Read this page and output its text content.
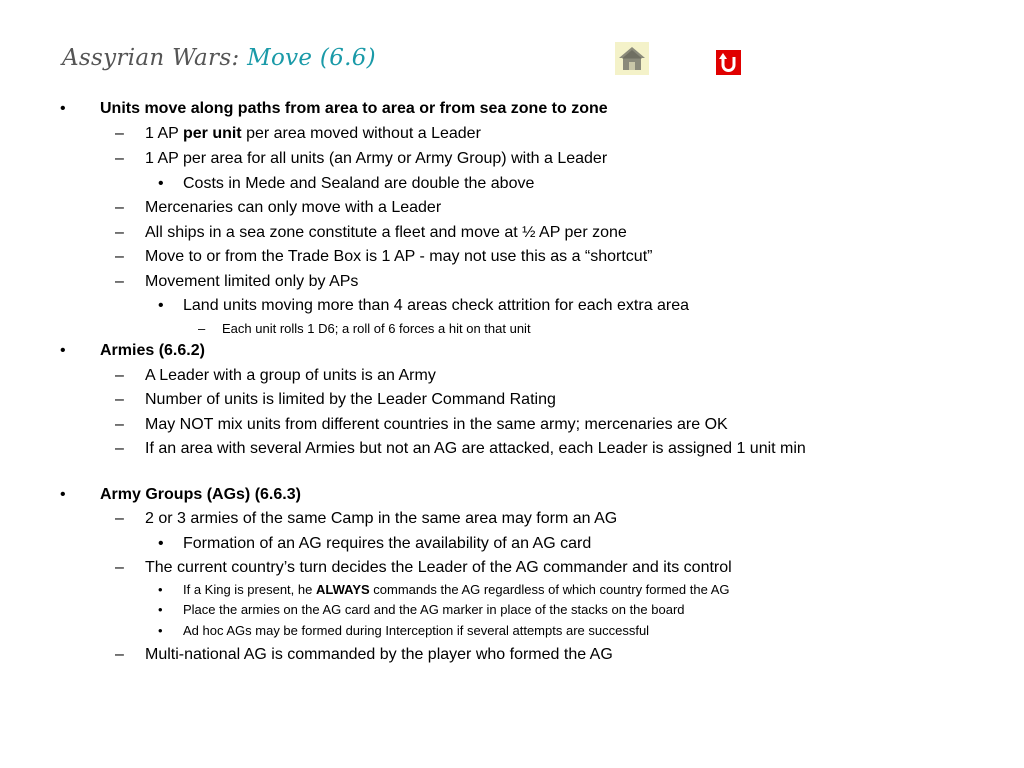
Assyrian Wars: Move (6.6)
• Units move along paths from area to area or from sea zone to zone
– 1 AP per unit per area moved without a Leader
– 1 AP per area for all units (an Army or Army Group) with a Leader
• Costs in Mede and Sealand are double the above
– Mercenaries can only move with a Leader
– All ships in a sea zone constitute a fleet and move at ½ AP per zone
– Move to or from the Trade Box is 1 AP - may not use this as a “shortcut”
– Movement limited only by APs
• Land units moving more than 4 areas check attrition for each extra area
– Each unit rolls 1 D6; a roll of 6 forces a hit on that unit
• Armies (6.6.2)
– A Leader with a group of units is an Army
– Number of units is limited by the Leader Command Rating
– May NOT mix units from different countries in the same army; mercenaries are OK
– If an area with several Armies but not an AG are attacked, each Leader is assigned 1 unit min
• Army Groups (AGs) (6.6.3)
– 2 or 3 armies of the same Camp in the same area may form an AG
• Formation of an AG requires the availability of an AG card
– The current country’s turn decides the Leader of the AG commander and its control
• If a King is present, he ALWAYS commands the AG regardless of which country formed the AG
• Place the armies on the AG card and the AG marker in place of the stacks on the board
• Ad hoc AGs may be formed during Interception if several attempts are successful
– Multi-national AG is commanded by the player who formed the AG
